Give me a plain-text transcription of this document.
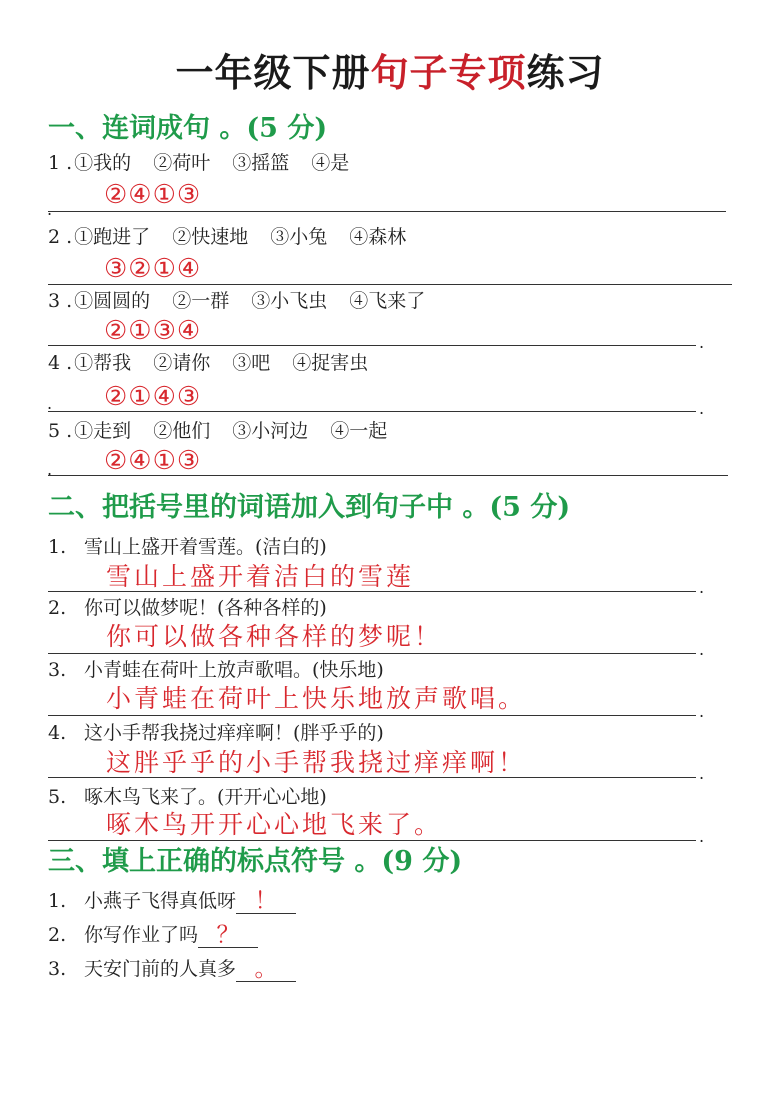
一年级下册句子专项练习
一、连词成句 。(5 分)
1 . ①我的 ②荷叶 ③摇篮 ④是
②④①③
.
2 . ①跑进了 ②快速地 ③小兔 ④森林
③②①④
3 . ①圆圆的 ②一群 ③小飞虫 ④飞来了
②①③④	.
4 . ①帮我 ②请你 ③吧 ④捉害虫
②①④③
.	.
5 . ①走到 ②他们 ③小河边 ④一起
②④①③
.
二、把括号里的词语加入到句子中 。(5 分)
1. 雪山上盛开着雪莲。(洁白的)
雪山上盛开着洁白的雪莲	.
2. 你可以做梦呢！(各种各样的)
你可以做各种各样的梦呢！	.
3. 小青蛙在荷叶上放声歌唱。(快乐地)
小青蛙在荷叶上快乐地放声歌唱。	.
4. 这小手帮我挠过痒痒啊！(胖乎乎的)
这胖乎乎的小手帮我挠过痒痒啊！	.
5. 啄木鸟飞来了。(开开心心地)
啄木鸟开开心心地飞来了。	.
三、填上正确的标点符号 。(9 分)
1. 小燕子飞得真低呀 ！
2. 你写作业了吗 ？
3. 天安门前的人真多 。
